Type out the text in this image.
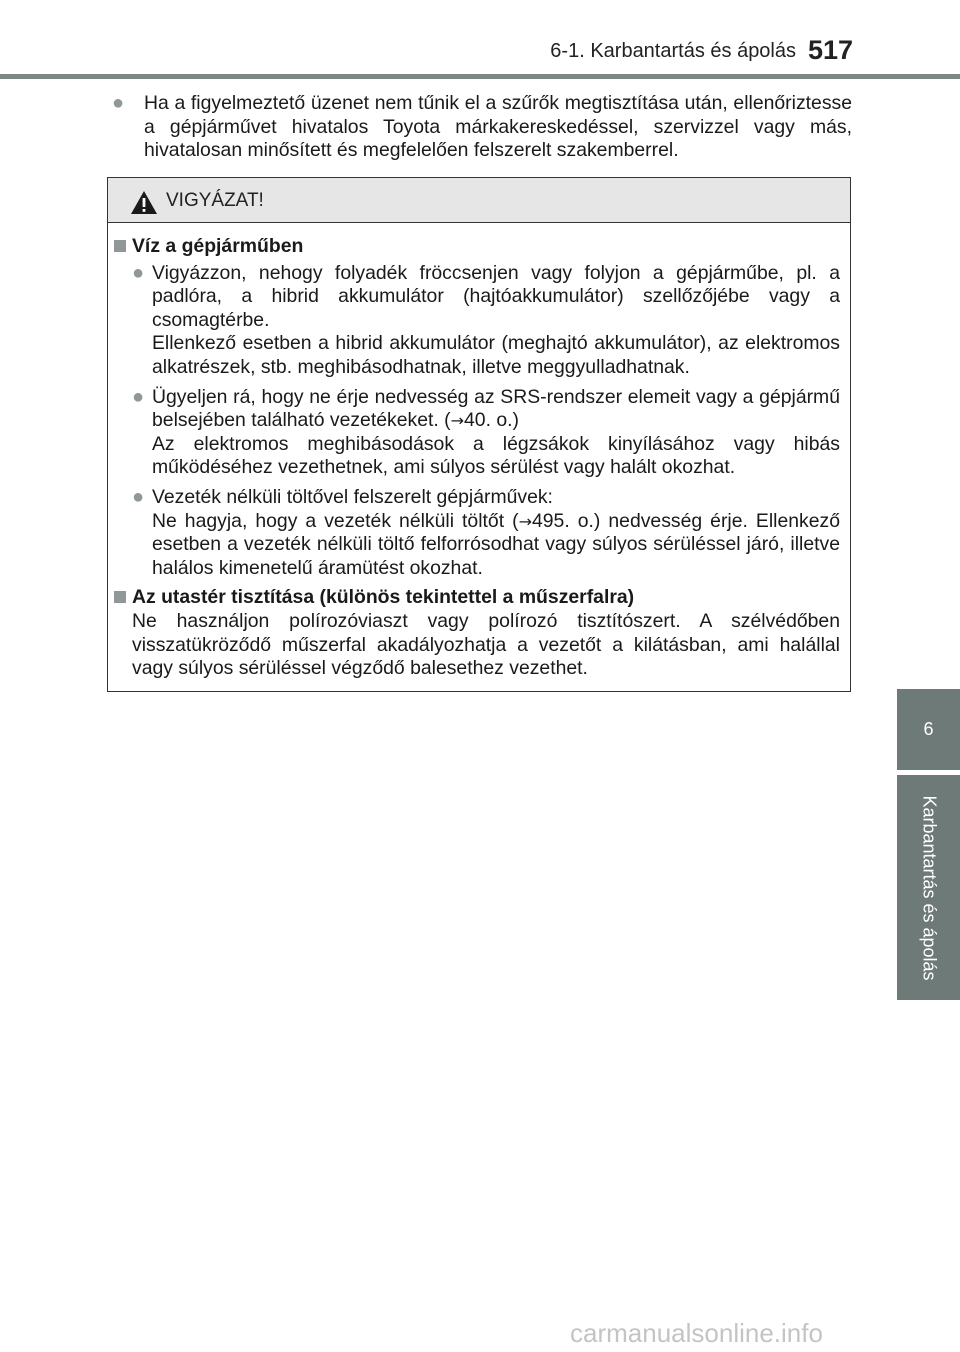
6-1. Karbantartás és ápolás 517
6
Karbantartás és ápolás
● Ha a figyelmeztető üzenet nem tűnik el a szűrők megtisztítása után, ellenőriztesse a gépjárművet hivatalos Toyota márkakereskedéssel, szervizzel vagy más, hivatalosan minősített és megfelelően felszerelt szakemberrel.
VIGYÁZAT!
Víz a gépjárműben
● Vigyázzon, nehogy folyadék fröccsenjen vagy folyjon a gépjárműbe, pl. a padlóra, a hibrid akkumulátor (hajtóakkumulátor) szellőzőjébe vagy a csomagtérbe.
Ellenkező esetben a hibrid akkumulátor (meghajtó akkumulátor), az elektromos alkatrészek, stb. meghibásodhatnak, illetve meggyulladhatnak.
● Ügyeljen rá, hogy ne érje nedvesség az SRS-rendszer elemeit vagy a gépjármű belsejében található vezetékeket. (→40. o.)
Az elektromos meghibásodások a légzsákok kinyílásához vagy hibás működéséhez vezethetnek, ami súlyos sérülést vagy halált okozhat.
● Vezeték nélküli töltővel felszerelt gépjárművek:
Ne hagyja, hogy a vezeték nélküli töltőt (→495. o.) nedvesség érje. Ellenkező esetben a vezeték nélküli töltő felforrósodhat vagy súlyos sérüléssel járó, illetve halálos kimenetelű áramütést okozhat.
Az utastér tisztítása (különös tekintettel a műszerfalra)
Ne használjon polírozóviaszt vagy polírozó tisztítószert. A szélvédőben visszatükröződő műszerfal akadályozhatja a vezetőt a kilátásban, ami halállal vagy súlyos sérüléssel végződő balesethez vezethet.
carmanualsonline.info
